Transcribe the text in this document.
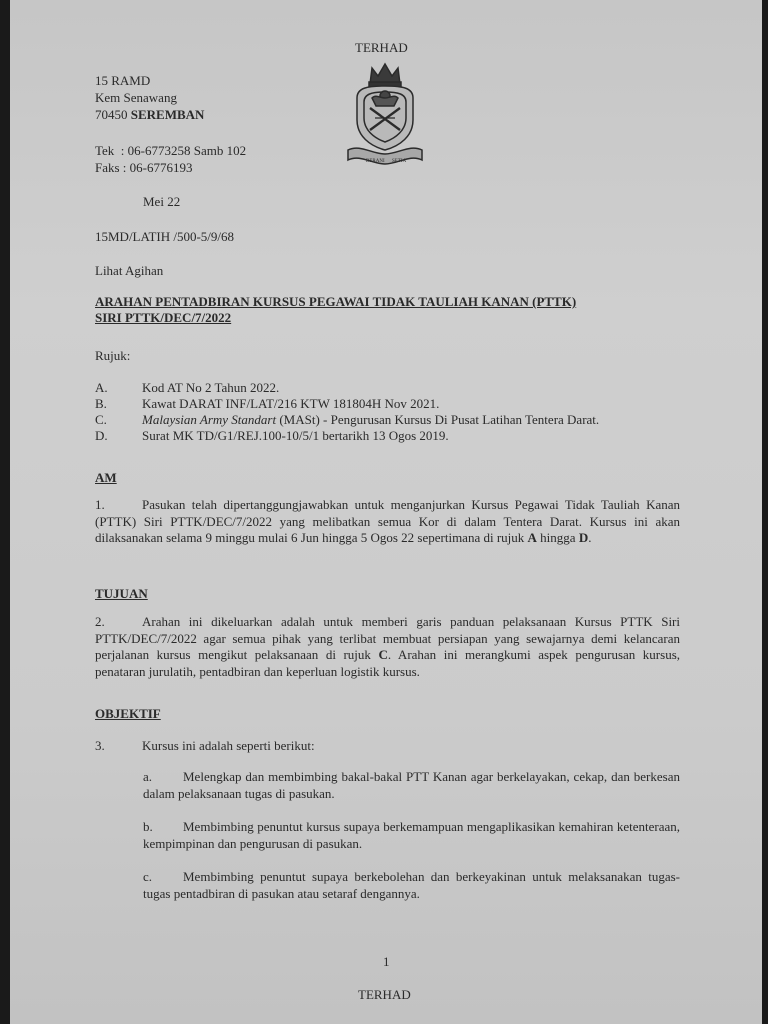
TERHAD
15 RAMD
Kem Senawang
70450 SEREMBAN
BERANI SETIA
Tek  : 06-6773258 Samb 102
Faks : 06-6776193
Mei 22
15MD/LATIH /500-5/9/68
Lihat Agihan
ARAHAN PENTADBIRAN KURSUS PEGAWAI TIDAK TAULIAH KANAN (PTTK)
SIRI PTTK/DEC/7/2022
Rujuk:
A.	Kod AT No 2 Tahun 2022.
B.	Kawat DARAT INF/LAT/216 KTW 181804H Nov 2021.
C.	Malaysian Army Standart (MASt) - Pengurusan Kursus Di Pusat Latihan Tentera Darat.
D.	Surat MK TD/G1/REJ.100-10/5/1 bertarikh 13 Ogos 2019.
AM
1.	Pasukan telah dipertanggungjawabkan untuk menganjurkan Kursus Pegawai Tidak Tauliah Kanan (PTTK) Siri PTTK/DEC/7/2022 yang melibatkan semua Kor di dalam Tentera Darat. Kursus ini akan dilaksanakan selama 9 minggu mulai 6 Jun hingga 5 Ogos 22 sepertimana di rujuk A hingga D.
TUJUAN
2.	Arahan ini dikeluarkan adalah untuk memberi garis panduan pelaksanaan Kursus PTTK Siri PTTK/DEC/7/2022 agar semua pihak yang terlibat membuat persiapan yang sewajarnya demi kelancaran perjalanan kursus mengikut pelaksanaan di rujuk C. Arahan ini merangkumi aspek pengurusan kursus, penataran jurulatih, pentadbiran dan keperluan logistik kursus.
OBJEKTIF
3.	Kursus ini adalah seperti berikut:
a. Melengkap dan membimbing bakal-bakal PTT Kanan agar berkelayakan, cekap, dan berkesan dalam pelaksanaan tugas di pasukan.
b. Membimbing penuntut kursus supaya berkemampuan mengaplikasikan kemahiran ketenteraan, kempimpinan dan pengurusan di pasukan.
c. Membimbing penuntut supaya berkebolehan dan berkeyakinan untuk melaksanakan tugas-tugas pentadbiran di pasukan atau setaraf dengannya.
1
TERHAD
